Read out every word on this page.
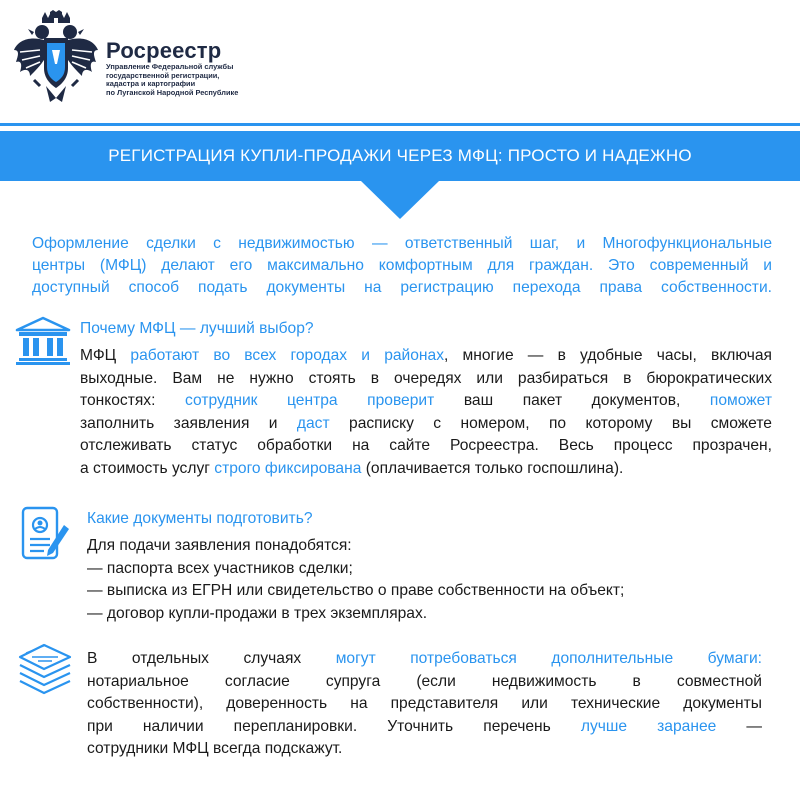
Росреестр
Управление Федеральной службы
государственной регистрации,
кадастра и картографии
по Луганской Народной Республике
РЕГИСТРАЦИЯ КУПЛИ-ПРОДАЖИ ЧЕРЕЗ МФЦ: ПРОСТО И НАДЕЖНО
Оформление сделки с недвижимостью — ответственный шаг, и Многофункциональные
центры (МФЦ) делают его максимально комфортным для граждан. Это современный и
доступный способ подать документы на регистрацию перехода права собственности.
Почему МФЦ — лучший выбор?
МФЦ работают во всех городах и районах, многие — в удобные часы, включая
выходные. Вам не нужно стоять в очередях или разбираться в бюрократических
тонкостях: сотрудник центра проверит ваш пакет документов, поможет
заполнить заявления и даст расписку с номером, по которому вы сможете
отслеживать статус обработки на сайте Росреестра. Весь процесс прозрачен,
а стоимость услуг строго фиксирована (оплачивается только госпошлина).
Какие документы подготовить?
Для подачи заявления понадобятся:
— паспорта всех участников сделки;
— выписка из ЕГРН или свидетельство о праве собственности на объект;
— договор купли-продажи в трех экземплярах.
В отдельных случаях могут потребоваться дополнительные бумаги:
нотариальное согласие супруга (если недвижимость в совместной
собственности), доверенность на представителя или технические документы
при наличии перепланировки. Уточнить перечень лучше заранее —
сотрудники МФЦ всегда подскажут.
